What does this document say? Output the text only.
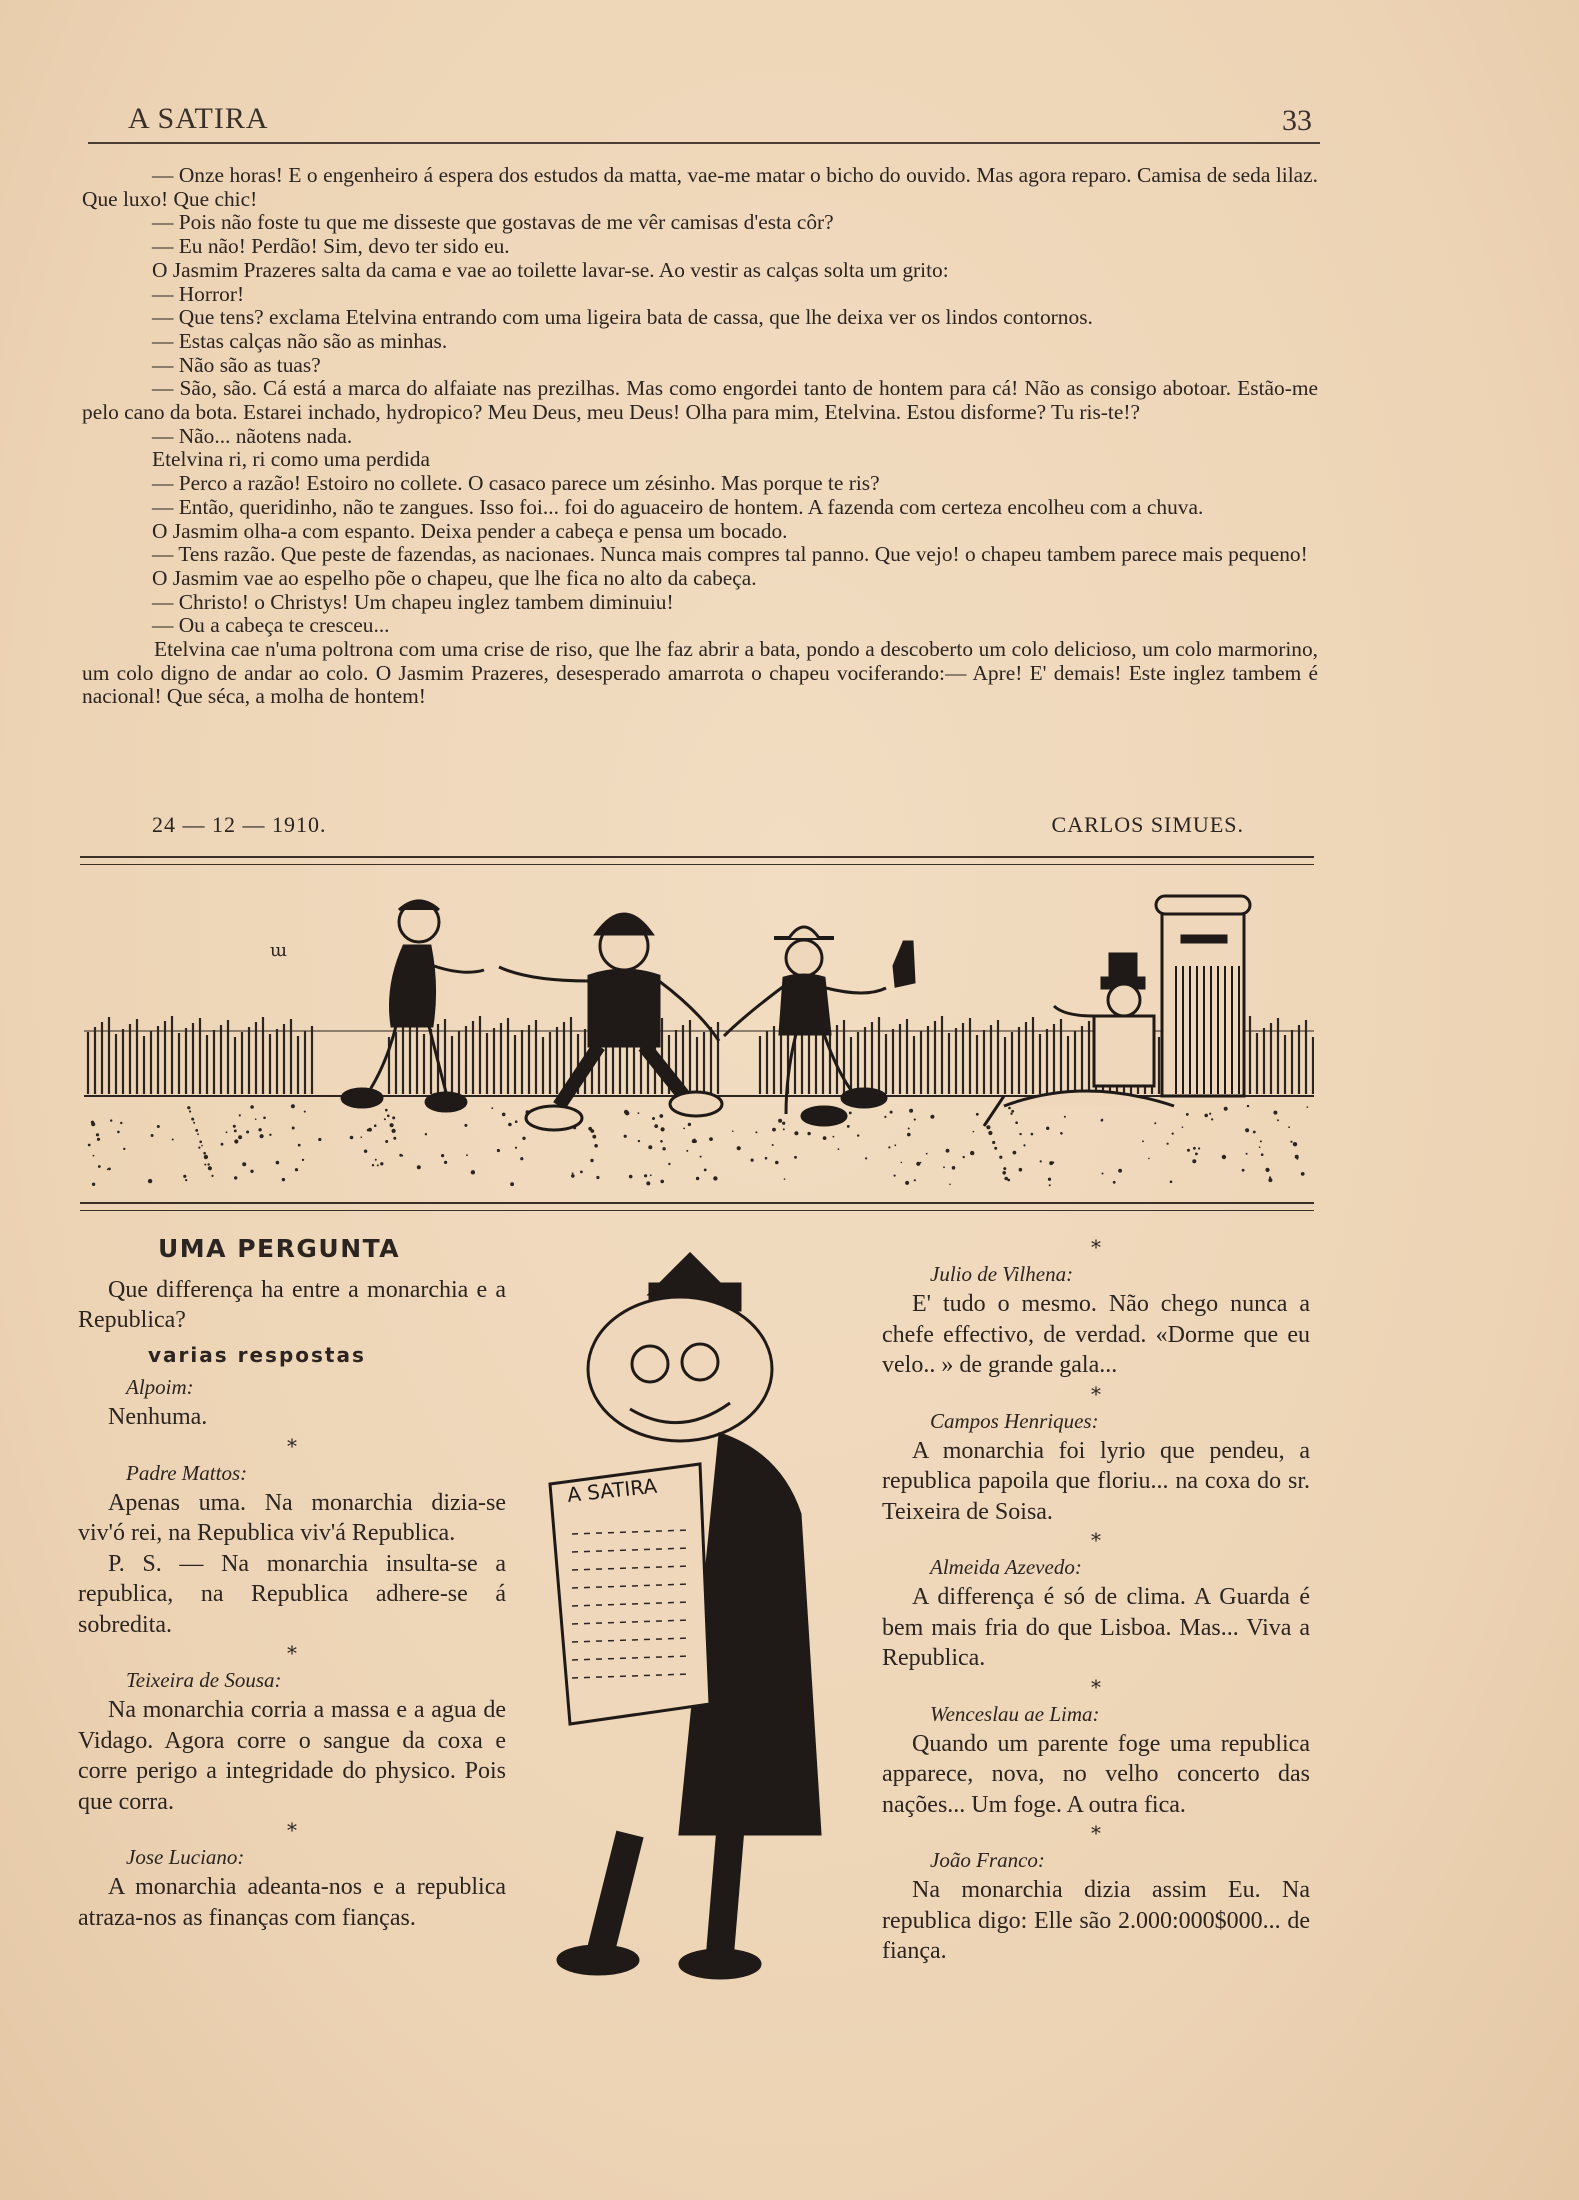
A SATIRA	33

— Onze horas! E o engenheiro á espera dos estudos da matta, vae-me matar o bicho do ouvido. Mas agora reparo. Camisa de seda lilaz. Que luxo! Que chic!

— Pois não foste tu que me disseste que gostavas de me vêr camisas d'esta côr?

— Eu não! Perdão! Sim, devo ter sido eu.

O Jasmim Prazeres salta da cama e vae ao toilette lavar-se. Ao vestir as calças solta um grito:

— Horror!

— Que tens? exclama Etelvina entrando com uma ligeira bata de cassa, que lhe deixa ver os lindos contornos.

— Estas calças não são as minhas.

— Não são as tuas?

— São, são. Cá está a marca do alfaiate nas prezilhas. Mas como engordei tanto de hontem para cá! Não as consigo abotoar. Estão-me pelo cano da bota. Estarei inchado, hydropico? Meu Deus, meu Deus! Olha para mim, Etelvina. Estou disforme? Tu ris-te!?

— Não... nãotens nada.

Etelvina ri, ri como uma perdida

— Perco a razão! Estoiro no collete. O casaco parece um zésinho. Mas porque te ris?

— Então, queridinho, não te zangues. Isso foi... foi do aguaceiro de hontem. A fazenda com certeza encolheu com a chuva.

O Jasmim olha-a com espanto. Deixa pender a cabeça e pensa um bocado.

— Tens razão. Que peste de fazendas, as nacionaes. Nunca mais compres tal panno. Que vejo! o chapeu tambem parece mais pequeno!

O Jasmim vae ao espelho põe o chapeu, que lhe fica no alto da cabeça.

— Christo! o Christys! Um chapeu inglez tambem diminuiu!

— Ou a cabeça te cresceu...

Etelvina cae n'uma poltrona com uma crise de riso, que lhe faz abrir a bata, pondo a descoberto um colo delicioso, um colo marmorino, um colo digno de andar ao colo. O Jasmim Prazeres, desesperado amarrota o chapeu vociferando:— Apre! E' demais! Este inglez tambem é nacional! Que séca, a molha de hontem!

24 — 12 — 1910.	CARLOS SIMUES.
ա
UMA PERGUNTA

Que differença ha entre a monarchia e a Republica?

varias respostas
Alpoim:

Nenhuma.

*
Padre Mattos:

Apenas uma. Na monarchia dizia-se viv'ó rei, na Republica viv'á Republica.

P. S. — Na monarchia insulta-se a republica, na Republica adhere-se á sobredita.

*
Teixeira de Sousa:

Na monarchia corria a massa e a agua de Vidago. Agora corre o sangue da coxa e corre perigo a integridade do physico. Pois que corra.

*
Jose Luciano:

A monarchia adeanta-nos e a republica atraza-nos as finanças com fianças.

A SATIRA
*
Julio de Vilhena:

E' tudo o mesmo. Não chego nunca a chefe effectivo, de verdad. «Dorme que eu velo.. » de grande gala...

*
Campos Henriques:

A monarchia foi lyrio que pendeu, a republica papoila que floriu... na coxa do sr. Teixeira de Soisa.

*
Almeida Azevedo:

A differença é só de clima. A Guarda é bem mais fria do que Lisboa. Mas... Viva a Republica.

*
Wenceslau ae Lima:

Quando um parente foge uma republica apparece, nova, no velho concerto das nações... Um foge. A outra fica.

*
João Franco:

Na monarchia dizia assim Eu. Na republica digo: Elle são 2.000:000$000... de fiança.
